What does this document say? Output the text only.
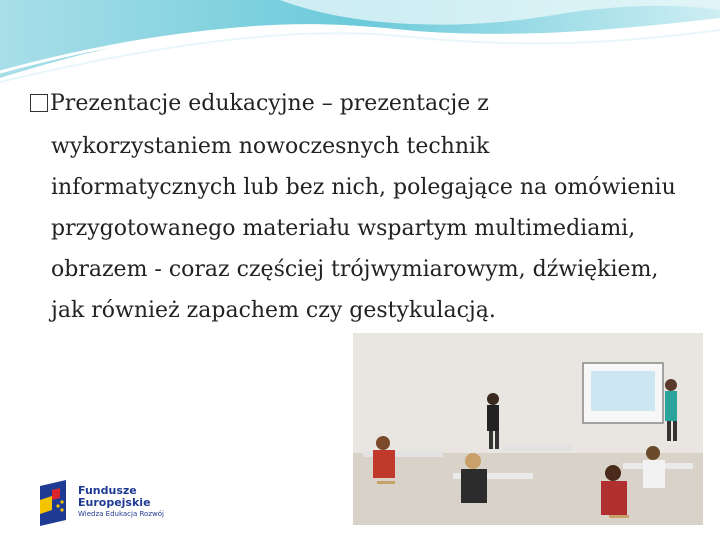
Prezentacje edukacyjne – prezentacje z
wykorzystaniem nowoczesnych technik
informatycznych lub bez nich, polegające na omówieniu
przygotowanego materiału wspartym multimediami,
obrazem - coraz częściej trójwymiarowym, dźwiękiem,
jak również zapachem czy gestykulacją.
Fundusze
Europejskie
Wiedza Edukacja Rozwój
